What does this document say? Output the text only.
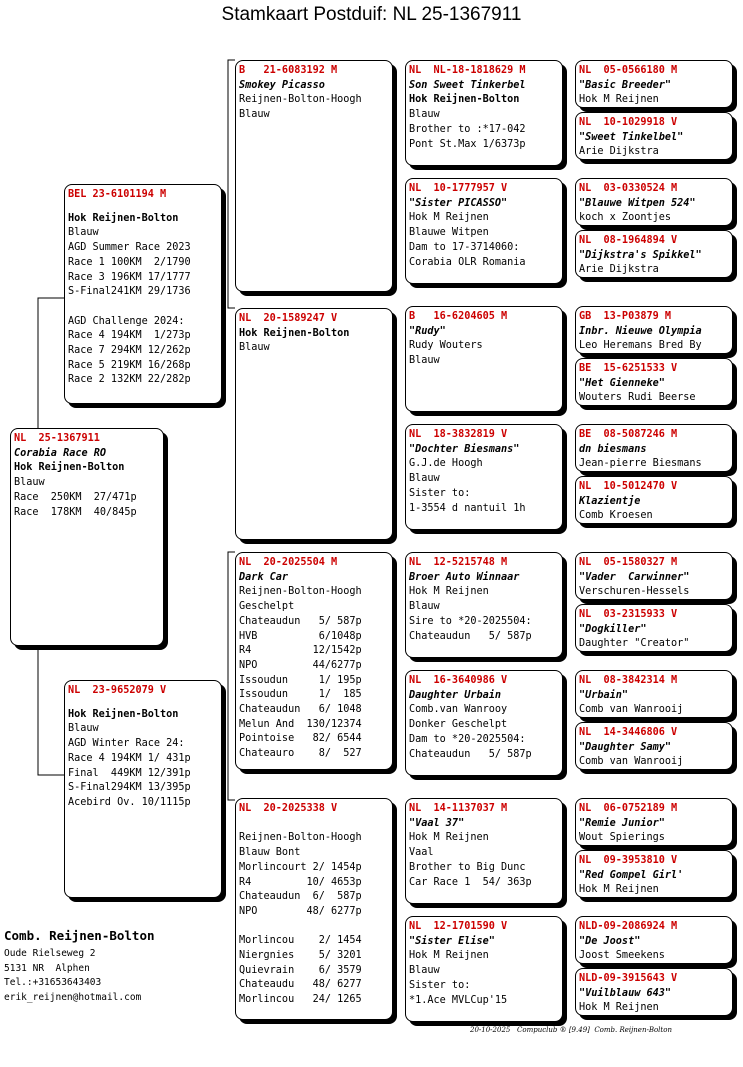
Stamkaart Postduif: NL 25-1367911
NL  25-1367911
Corabia Race RO
Hok Reijnen-Bolton
Blauw
Race  250KM  27/471p
Race  178KM  40/845p
BEL 23-6101194 M
Hok Reijnen-Bolton
Blauw
AGD Summer Race 2023
Race 1 100KM  2/1790
Race 3 196KM 17/1777
S-Final241KM 29/1736
AGD Challenge 2024:
Race 4 194KM  1/273p
Race 7 294KM 12/262p
Race 5 219KM 16/268p
Race 2 132KM 22/282p
NL  23-9652079 V
Hok Reijnen-Bolton
Blauw
AGD Winter Race 24:
Race 4 194KM 1/ 431p
Final  449KM 12/391p
S-Final294KM 13/395p
Acebird Ov. 10/1115p
B   21-6083192 M
Smokey Picasso
Reijnen-Bolton-Hoogh
Blauw
NL  20-1589247 V
Hok Reijnen-Bolton
Blauw
NL  20-2025504 M
Dark Car
Reijnen-Bolton-Hoogh
Geschelpt
Chateaudun   5/ 587p
HVB          6/1048p
R4          12/1542p
NPO         44/6277p
Issoudun     1/ 195p
Issoudun     1/  185
Chateaudun   6/ 1048
Melun And  130/12374
Pointoise   82/ 6544
Chateauro    8/  527
NL  20-2025338 V
Reijnen-Bolton-Hoogh
Blauw Bont
Morlincourt 2/ 1454p
R4         10/ 4653p
Chateaudun  6/  587p
NPO        48/ 6277p
Morlincou    2/ 1454
Niergnies    5/ 3201
Quievrain    6/ 3579
Chateaudu   48/ 6277
Morlincou   24/ 1265
NL  NL-18-1818629 M
Son Sweet Tinkerbel
Hok Reijnen-Bolton
Blauw
Brother to :*17-042
Pont St.Max 1/6373p
NL  10-1777957 V
"Sister PICASSO"
Hok M Reijnen
Blauwe Witpen
Dam to 17-3714060:
Corabia OLR Romania
B   16-6204605 M
"Rudy"
Rudy Wouters
Blauw
NL  18-3832819 V
"Dochter Biesmans"
G.J.de Hoogh
Blauw
Sister to:
1-3554 d nantuil 1h
NL  12-5215748 M
Broer Auto Winnaar
Hok M Reijnen
Blauw
Sire to *20-2025504:
Chateaudun   5/ 587p
NL  16-3640986 V
Daughter Urbain
Comb.van Wanrooy
Donker Geschelpt
Dam to *20-2025504:
Chateaudun   5/ 587p
NL  14-1137037 M
"Vaal 37"
Hok M Reijnen
Vaal
Brother to Big Dunc
Car Race 1  54/ 363p
NL  12-1701590 V
"Sister Elise"
Hok M Reijnen
Blauw
Sister to:
*1.Ace MVLCup'15
NL  05-0566180 M
"Basic Breeder"
Hok M Reijnen
NL  10-1029918 V
"Sweet Tinkelbel"
Arie Dijkstra
NL  03-0330524 M
"Blauwe Witpen 524"
koch x Zoontjes
NL  08-1964894 V
"Dijkstra's Spikkel"
Arie Dijkstra
GB  13-P03879 M
Inbr. Nieuwe Olympia
Leo Heremans Bred By
BE  15-6251533 V
"Het Gienneke"
Wouters Rudi Beerse
BE  08-5087246 M
dn biesmans
Jean-pierre Biesmans
NL  10-5012470 V
Klazientje
Comb Kroesen
NL  05-1580327 M
"Vader  Carwinner"
Verschuren-Hessels
NL  03-2315933 V
"Dogkiller"
Daughter "Creator"
NL  08-3842314 M
"Urbain"
Comb van Wanrooij
NL  14-3446806 V
"Daughter Samy"
Comb van Wanrooij
NL  06-0752189 M
"Remie Junior"
Wout Spierings
NL  09-3953810 V
"Red Gompel Girl'
Hok M Reijnen
NLD-09-2086924 M
"De Joost"
Joost Smeekens
NLD-09-3915643 V
"Vuilblauw 643"
Hok M Reijnen
Comb. Reijnen-Bolton
Oude Rielseweg 2
5131 NR  Alphen
Tel.:+31653643403
erik_reijnen@hotmail.com
20-10-2025   Compuclub ® [9.49]  Comb. Reijnen-Bolton
